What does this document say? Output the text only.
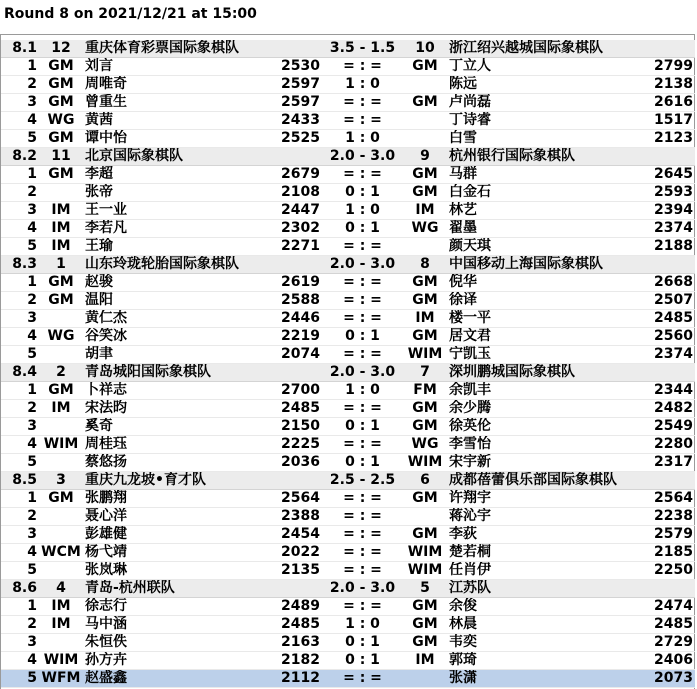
Round 8 on 2021/12/21 at 15:00
8.1	12	重庆体育彩票国际象棋队		3.5 - 1.5	10	浙江绍兴越城国际象棋队	
1	GM	刘言	2530	= : =	GM	丁立人	2799
2	GM	周唯奇	2597	1 : 0		陈远	2138
3	GM	曾重生	2597	= : =	GM	卢尚磊	2616
4	WG	黄茜	2433	= : =		丁诗睿	1517
5	GM	谭中怡	2525	1 : 0		白雪	2123
8.2	11	北京国际象棋队		2.0 - 3.0	9	杭州银行国际象棋队	
1	GM	李超	2679	= : =	GM	马群	2645
2		张帝	2108	0 : 1	GM	白金石	2593
3	IM	王一业	2447	1 : 0	IM	林艺	2394
4	IM	李若凡	2302	0 : 1	WG	翟墨	2374
5	IM	王瑜	2271	= : =		颜天琪	2188
8.3	1	山东玲珑轮胎国际象棋队		2.0 - 3.0	8	中国移动上海国际象棋队	
1	GM	赵骏	2619	= : =	GM	倪华	2668
2	GM	温阳	2588	= : =	GM	徐译	2507
3		黄仁杰	2446	= : =	IM	楼一平	2485
4	WG	谷笑冰	2219	0 : 1	GM	居文君	2560
5		胡聿	2074	= : =	WIM	宁凯玉	2374
8.4	2	青岛城阳国际象棋队		2.0 - 3.0	7	深圳鹏城国际象棋队	
1	GM	卜祥志	2700	1 : 0	FM	余凯丰	2344
2	IM	宋法昀	2485	= : =	GM	余少腾	2482
3		奚奇	2150	0 : 1	GM	徐英伦	2549
4	WIM	周桂珏	2225	= : =	WG	李雪怡	2280
5		蔡悠扬	2036	0 : 1	WIM	宋宇新	2317
8.5	3	重庆九龙坡•育才队		2.5 - 2.5	6	成都蓓蕾俱乐部国际象棋队	
1	GM	张鹏翔	2564	= : =	GM	许翔宇	2564
2		聂心洋	2388	= : =		蒋沁宇	2238
3		彭雄健	2454	= : =	GM	李荻	2579
4	WCM	杨弋靖	2022	= : =	WIM	楚若桐	2185
5		张岚琳	2135	= : =	WIM	任肖伊	2250
8.6	4	青岛-杭州联队		2.0 - 3.0	5	江苏队	
1	IM	徐志行	2489	= : =	GM	余俊	2474
2	IM	马中涵	2485	1 : 0	GM	林晨	2485
3		朱恒佚	2163	0 : 1	GM	韦奕	2729
4	WIM	孙方卉	2182	0 : 1	IM	郭琦	2406
5	WFM	赵盛鑫	2112	= : =		张潇	2073
